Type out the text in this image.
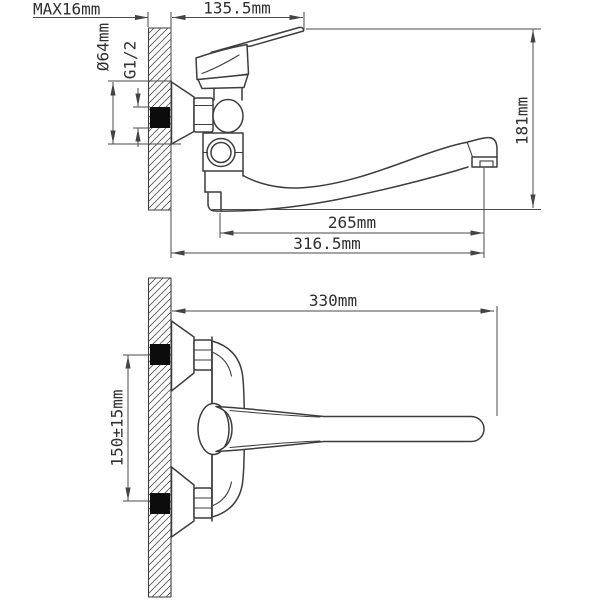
MAX16mm	135.5mm
Ø64mm G1/2
181mm
265mm
316.5mm
330mm
150±15mm
